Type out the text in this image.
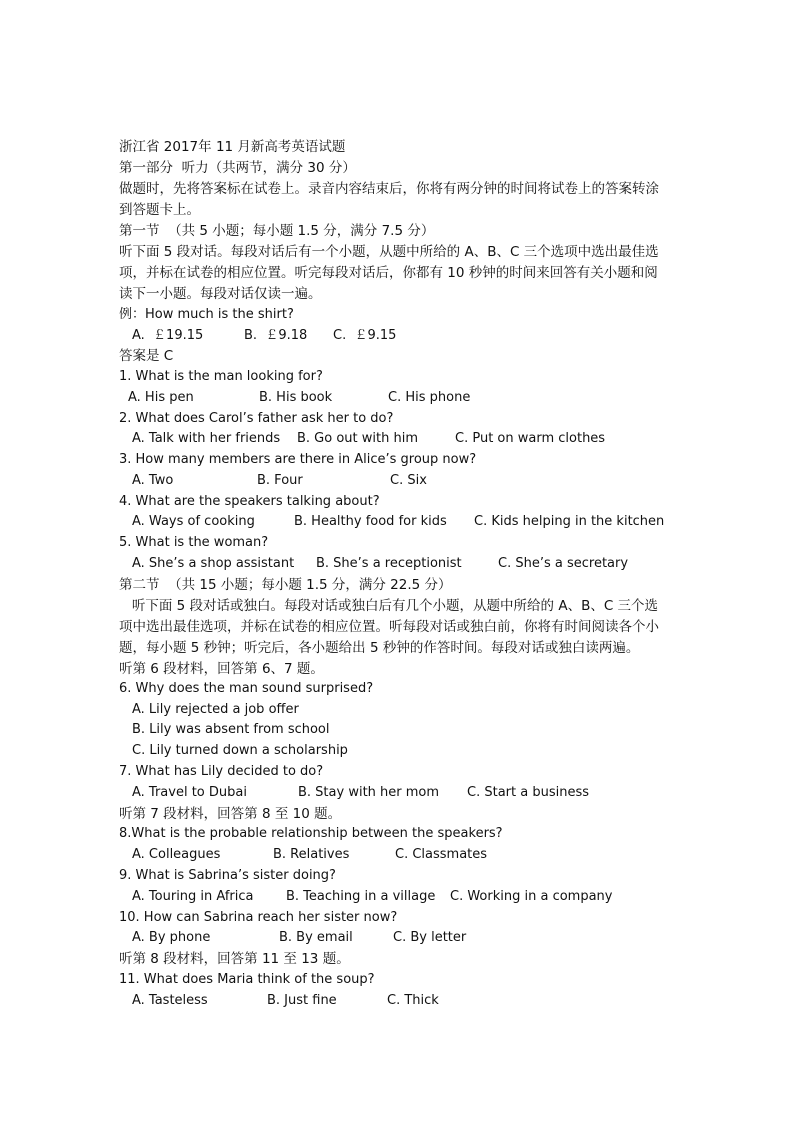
浙江省 2017年 11 月新高考英语试题
第一部分  听力（共两节，满分 30 分）
做题时，先将答案标在试卷上。录音内容结束后，你将有两分钟的时间将试卷上的答案转涂
到答题卡上。
第一节  （共 5 小题；每小题 1.5 分，满分 7.5 分）
听下面 5 段对话。每段对话后有一个小题，从题中所给的 A、B、C 三个选项中选出最佳选
项，并标在试卷的相应位置。听完每段对话后，你都有 10 秒钟的时间来回答有关小题和阅
读下一小题。每段对话仅读一遍。
例：How much is the shirt?
A.  ￡19.15	B.  ￡9.18 C.  ￡9.15
答案是 C
1. What is the man looking for?
A. His pen	B. His book	C. His phone
2. What does Carol’s father ask her to do?
A. Talk with her friends B. Go out with him	C. Put on warm clothes
3. How many members are there in Alice’s group now?
A. Two	B. Four	C. Six
4. What are the speakers talking about?
A. Ways of cooking	B. Healthy food for kids C. Kids helping in the kitchen
5. What is the woman?
A. She’s a shop assistant B. She’s a receptionist	C. She’s a secretary
第二节  （共 15 小题；每小题 1.5 分，满分 22.5 分）
听下面 5 段对话或独白。每段对话或独白后有几个小题，从题中所给的 A、B、C 三个选
项中选出最佳选项，并标在试卷的相应位置。听每段对话或独白前，你将有时间阅读各个小
题，每小题 5 秒钟；听完后，各小题给出 5 秒钟的作答时间。每段对话或独白读两遍。
听第 6 段材料，回答第 6、7 题。
6. Why does the man sound surprised?
A. Lily rejected a job offer
B. Lily was absent from school
C. Lily turned down a scholarship
7. What has Lily decided to do?
A. Travel to Dubai	B. Stay with her mom C. Start a business
听第 7 段材料，回答第 8 至 10 题。
8.What is the probable relationship between the speakers?
A. Colleagues	B. Relatives	C. Classmates
9. What is Sabrina’s sister doing?
A. Touring in Africa	B. Teaching in a village C. Working in a company
10. How can Sabrina reach her sister now?
A. By phone	B. By email	C. By letter
听第 8 段材料，回答第 11 至 13 题。
11. What does Maria think of the soup?
A. Tasteless	B. Just fine	C. Thick
